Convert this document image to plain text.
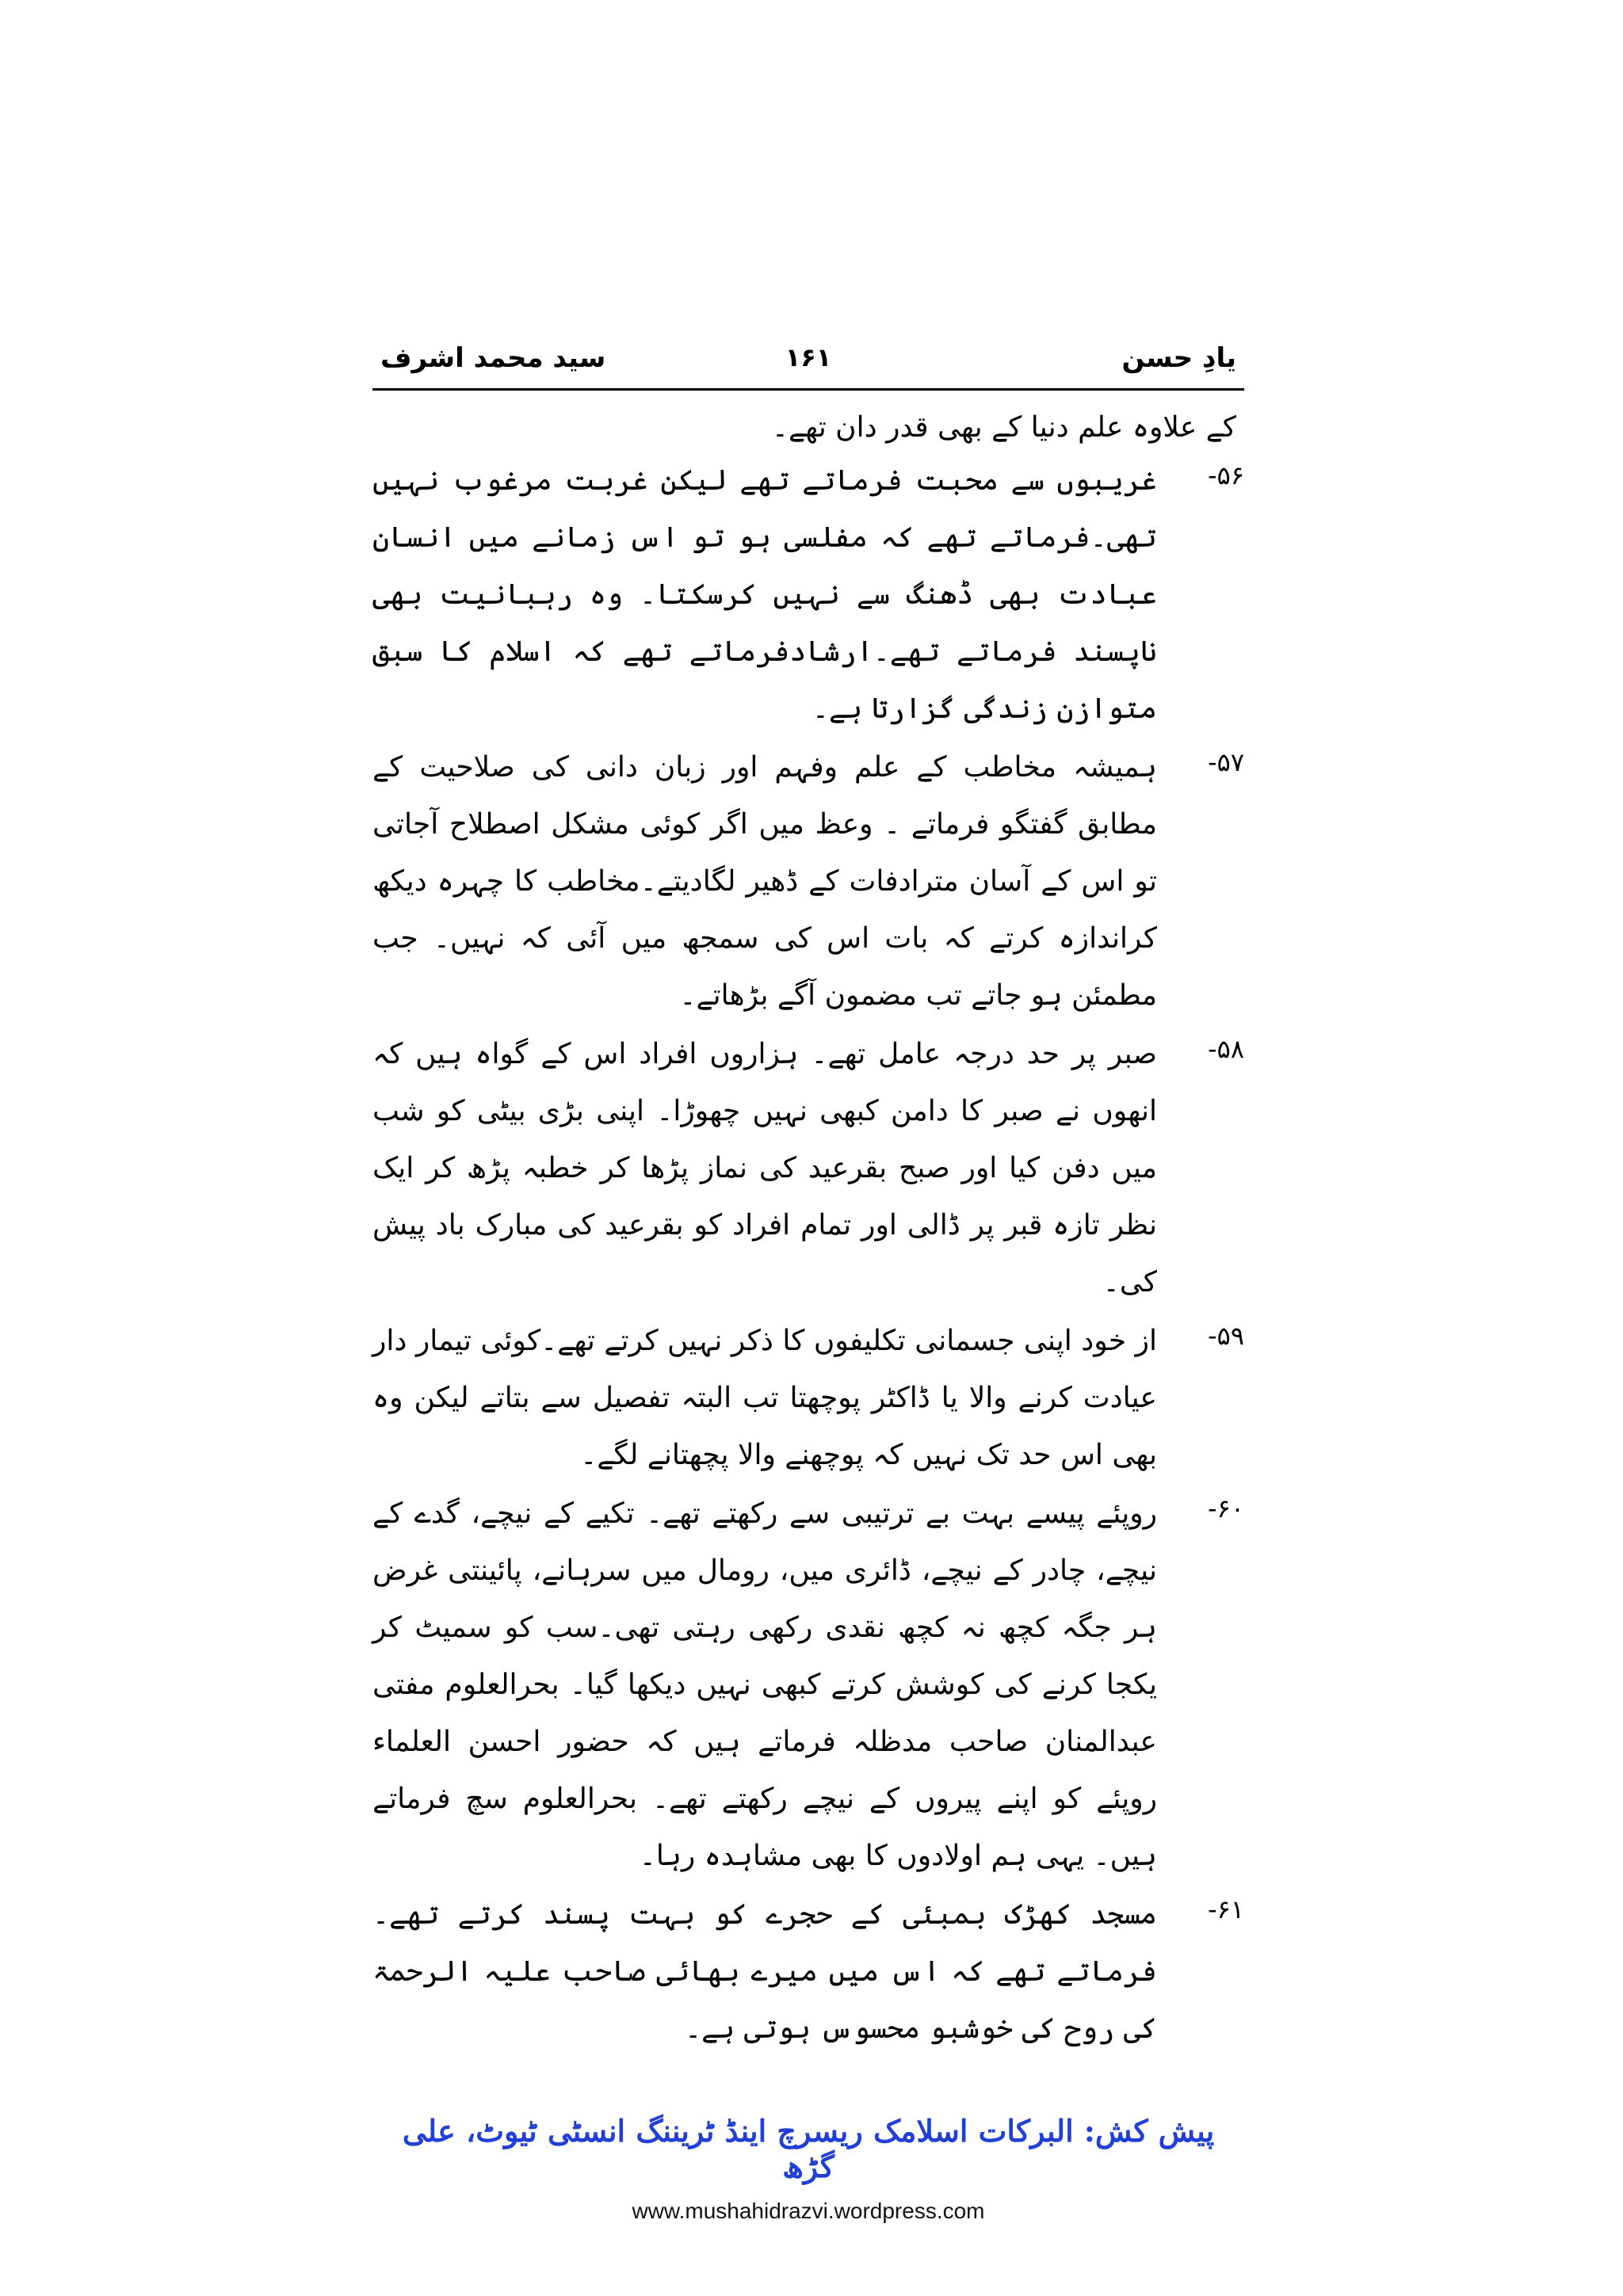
یادِ حسن
۱۶۱
سید محمد اشرف
کے علاوہ علم دنیا کے بھی قدر دان تھے۔
۵۶-
غریبوں سے محبت فرماتے تھے لیکن غربت مرغوب نہیں تھی۔فرماتے تھے کہ مفلسی ہو تو اس زمانے میں انسان عبادت بھی ڈھنگ سے نہیں کرسکتا۔ وہ رہبانیت بھی ناپسند فرماتے تھے۔ارشادفرماتے تھے کہ اسلام کا سبق متوازن زندگی گزارتا ہے۔
۵۷-
ہمیشہ مخاطب کے علم وفہم اور زبان دانی کی صلاحیت کے مطابق گفتگو فرماتے ۔ وعظ میں اگر کوئی مشکل اصطلاح آجاتی تو اس کے آسان مترادفات کے ڈھیر لگادیتے۔مخاطب کا چہرہ دیکھ کراندازہ کرتے کہ بات اس کی سمجھ میں آئی کہ نہیں۔ جب مطمئن ہو جاتے تب مضمون آگے بڑھاتے۔
۵۸-
صبر پر حد درجہ عامل تھے۔ ہزاروں افراد اس کے گواہ ہیں کہ انھوں نے صبر کا دامن کبھی نہیں چھوڑا۔ اپنی بڑی بیٹی کو شب میں دفن کیا اور صبح بقرعید کی نماز پڑھا کر خطبہ پڑھ کر ایک نظر تازہ قبر پر ڈالی اور تمام افراد کو بقرعید کی مبارک باد پیش کی۔
۵۹-
از خود اپنی جسمانی تکلیفوں کا ذکر نہیں کرتے تھے۔کوئی تیمار دار عیادت کرنے والا یا ڈاکٹر پوچھتا تب البتہ تفصیل سے بتاتے لیکن وہ بھی اس حد تک نہیں کہ پوچھنے والا پچھتانے لگے۔
۶۰-
روپئے پیسے بہت بے ترتیبی سے رکھتے تھے۔ تکیے کے نیچے، گدے کے نیچے، چادر کے نیچے، ڈائری میں، رومال میں سرہانے، پائینتی غرض ہر جگہ کچھ نہ کچھ نقدی رکھی رہتی تھی۔سب کو سمیٹ کر یکجا کرنے کی کوشش کرتے کبھی نہیں دیکھا گیا۔ بحرالعلوم مفتی عبدالمنان صاحب مدظلہ فرماتے ہیں کہ حضور احسن العلماء روپئے کو اپنے پیروں کے نیچے رکھتے تھے۔ بحرالعلوم سچ فرماتے ہیں۔ یہی ہم اولادوں کا بھی مشاہدہ رہا۔
۶۱-
مسجد کھڑک بمبئی کے حجرے کو بہت پسند کرتے تھے۔ فرماتے تھے کہ اس میں میرے بھائی صاحب علیہ الرحمۃ کی روح کی خوشبو محسوس ہوتی ہے۔
پیش کش: البرکات اسلامک ریسرچ اینڈ ٹریننگ انسٹی ٹیوٹ، علی گڑھ
www.mushahidrazvi.wordpress.com
